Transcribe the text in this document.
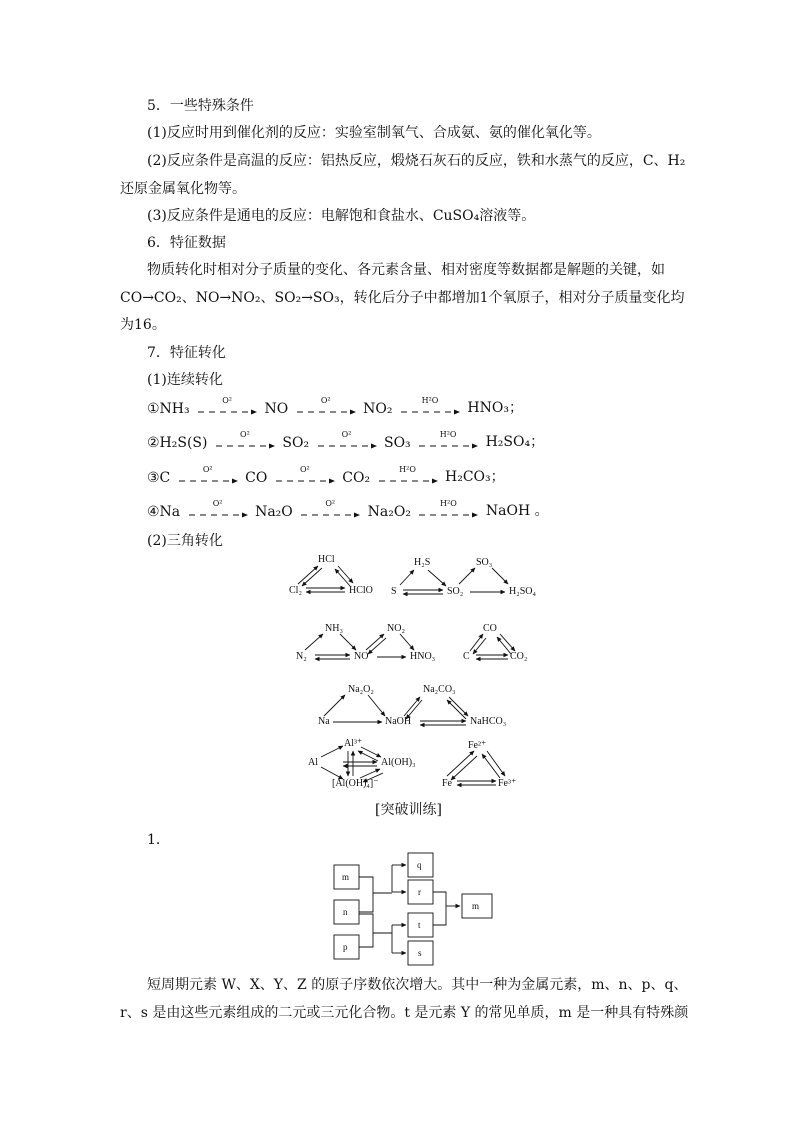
5．一些特殊条件
(1)反应时用到催化剂的反应：实验室制氧气、合成氨、氨的催化氧化等。
(2)反应条件是高温的反应：铝热反应，煅烧石灰石的反应，铁和水蒸气的反应，C、H₂
还原金属氧化物等。
(3)反应条件是通电的反应：电解饱和食盐水、CuSO₄溶液等。
6．特征数据
物质转化时相对分子质量的变化、各元素含量、相对密度等数据都是解题的关键，如
CO→CO₂、NO→NO₂、SO₂→SO₃，转化后分子中都增加1个氧原子，相对分子质量变化均
为16。
7．特征转化
(1)连续转化
①NH₃
O²
NO
O²
NO₂
H²O	HNO₃；
②H₂S(S)
O²
SO₂
O²
SO₃
H²O	H₂SO₄；
③C
O²
CO
O²
CO₂
H²O	H₂CO₃；
④Na
O²
Na₂O
O²
Na₂O₂
H²O	NaOH 。
(2)三角转化
HCl
Cl₂	HClO
H₂S
S	SO₂
SO₃
H₂SO₄
NH₃
N₂	NO
NO₂
HNO₃
CO
C	CO₂
Na₂O₂
Na	NaOH
Na₂CO₃
NaHCO₃
Al³⁺
Al	Al(OH)₃
[Al(OH)₄]⁻
Fe²⁺
Fe	Fe³⁺
[突破训练]
1．
m
n
p
q
r
t
s
m
短周期元素 W、X、Y、Z 的原子序数依次增大。其中一种为金属元素，m、n、p、q、
r、s 是由这些元素组成的二元或三元化合物。t 是元素 Y 的常见单质，m 是一种具有特殊颜
